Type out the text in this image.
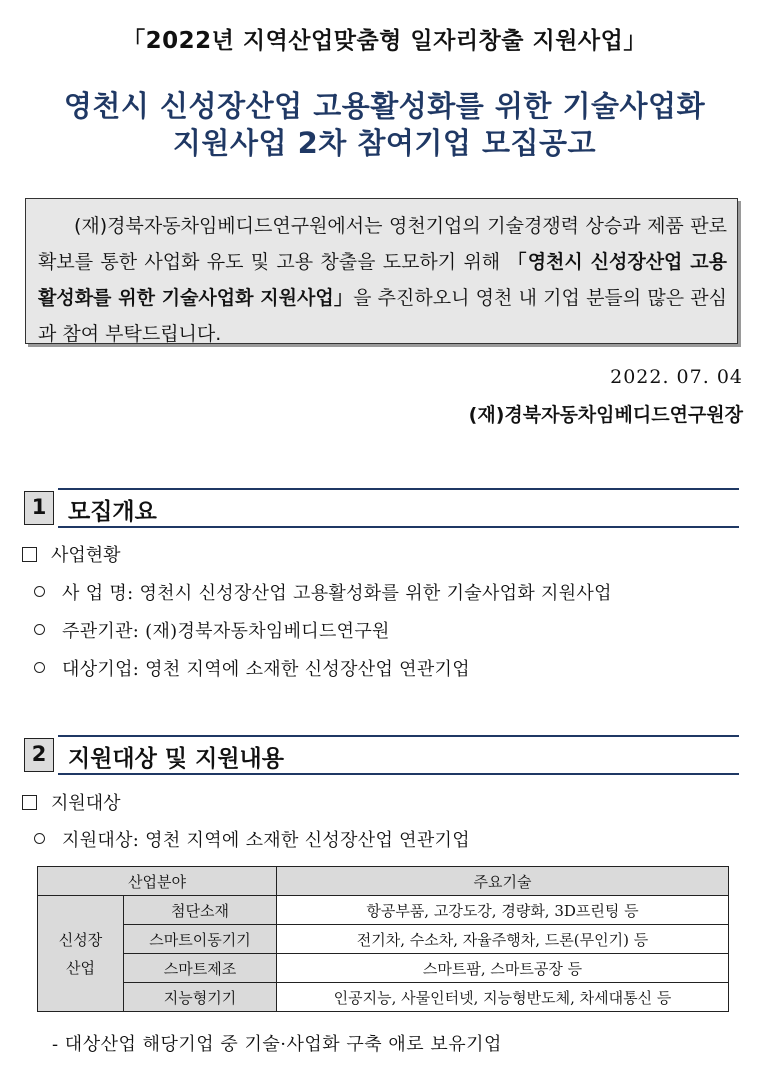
「2022년 지역산업맞춤형 일자리창출 지원사업」
영천시 신성장산업 고용활성화를 위한 기술사업화
지원사업 2차 참여기업 모집공고
(재)경북자동차임베디드연구원에서는 영천기업의 기술경쟁력 상승과 제품 판로확보를 통한 사업화 유도 및 고용 창출을 도모하기 위해 「영천시 신성장산업 고용활성화를 위한 기술사업화 지원사업」을 추진하오니 영천 내 기업 분들의 많은 관심과 참여 부탁드립니다.
2022. 07. 04
(재)경북자동차임베디드연구원장
1 모집개요
사업현황
사 업 명: 영천시 신성장산업 고용활성화를 위한 기술사업화 지원사업
주관기관: (재)경북자동차임베디드연구원
대상기업: 영천 지역에 소재한 신성장산업 연관기업
2 지원대상 및 지원내용
지원대상
지원대상: 영천 지역에 소재한 신성장산업 연관기업
산업분야		주요기술
신성장
산업	첨단소재	항공부품, 고강도강, 경량화, 3D프린팅 등
	스마트이동기기	전기차, 수소차, 자율주행차, 드론(무인기) 등
	스마트제조	스마트팜, 스마트공장 등
	지능형기기	인공지능, 사물인터넷, 지능형반도체, 차세대통신 등
- 대상산업 해당기업 중 기술·사업화 구축 애로 보유기업
